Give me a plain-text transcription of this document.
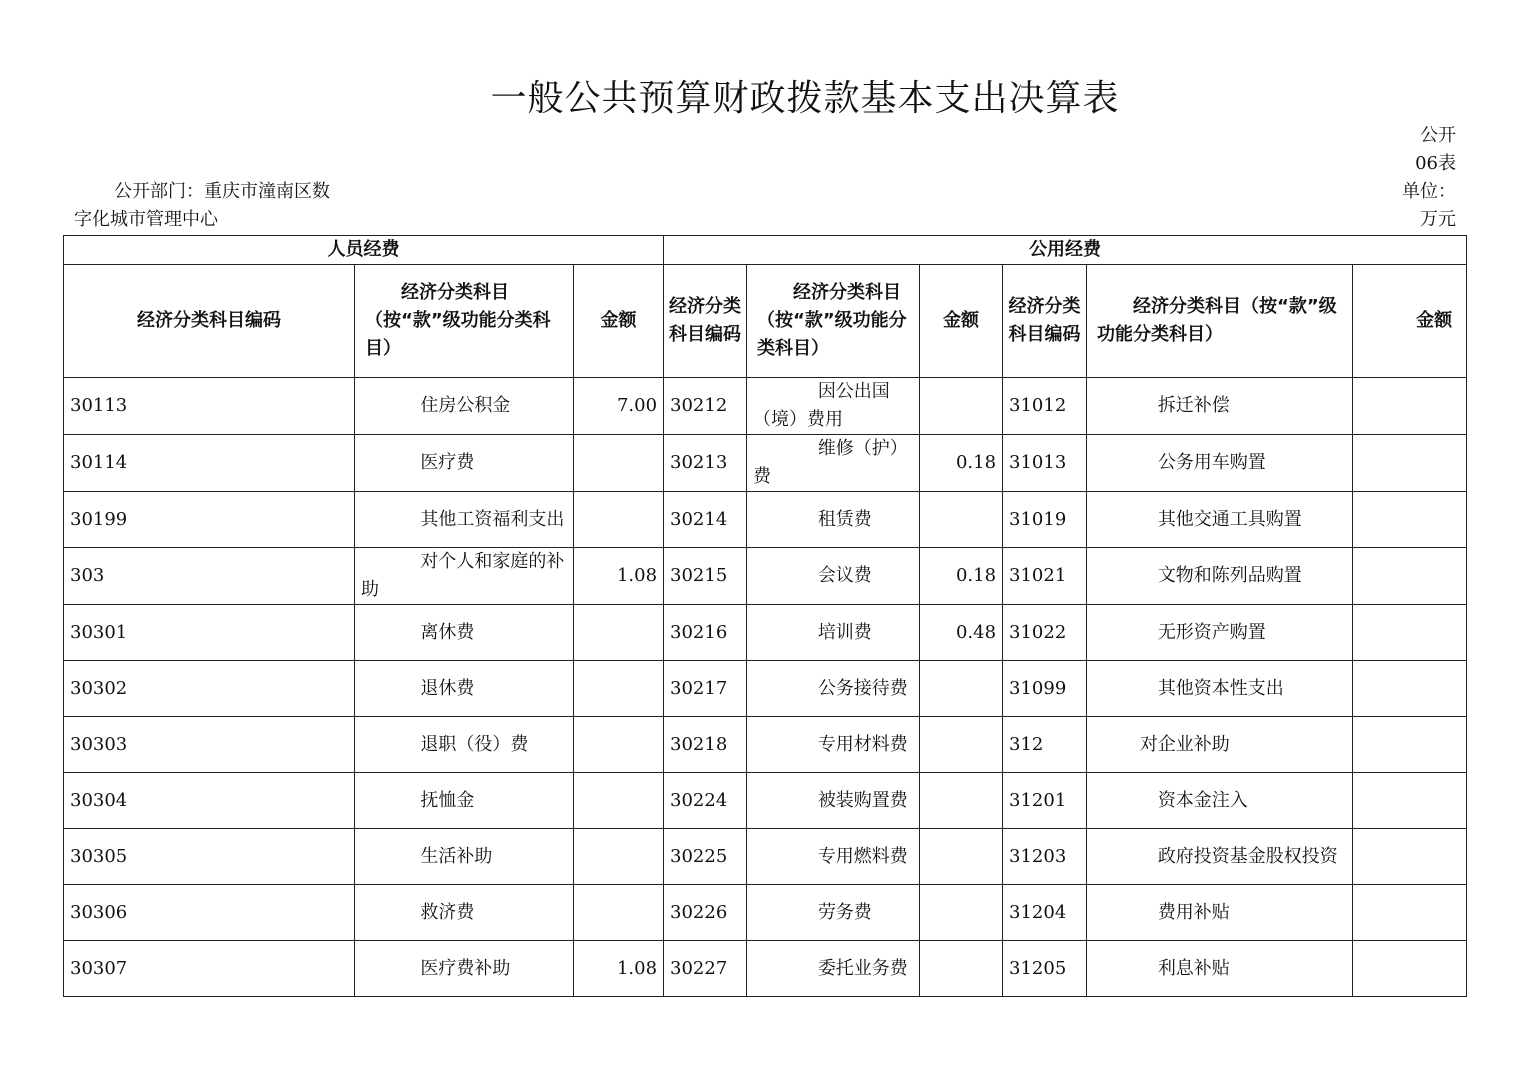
一般公共预算财政拨款基本支出决算表
公开
06表
单位：
万元
公开部门：重庆市潼南区数
字化城市管理中心
人员经费			公用经费					
经济分类科目编码	经济分类科目（按“款”级功能分类科目）	金额	经济分类科目编码	经济分类科目（按“款”级功能分类科目）	金额	经济分类科目编码	经济分类科目（按“款”级功能分类科目）	金额
30113	住房公积金	7.00	30212	因公出国（境）费用		31012	拆迁补偿	
30114	医疗费		30213	维修（护）费	0.18	31013	公务用车购置	
30199	其他工资福利支出		30214	租赁费		31019	其他交通工具购置	
303	对个人和家庭的补助	1.08	30215	会议费	0.18	31021	文物和陈列品购置	
30301	离休费		30216	培训费	0.48	31022	无形资产购置	
30302	退休费		30217	公务接待费		31099	其他资本性支出	
30303	退职（役）费		30218	专用材料费		312	对企业补助	
30304	抚恤金		30224	被装购置费		31201	资本金注入	
30305	生活补助		30225	专用燃料费		31203	政府投资基金股权投资	
30306	救济费		30226	劳务费		31204	费用补贴	
30307	医疗费补助	1.08	30227	委托业务费		31205	利息补贴	
